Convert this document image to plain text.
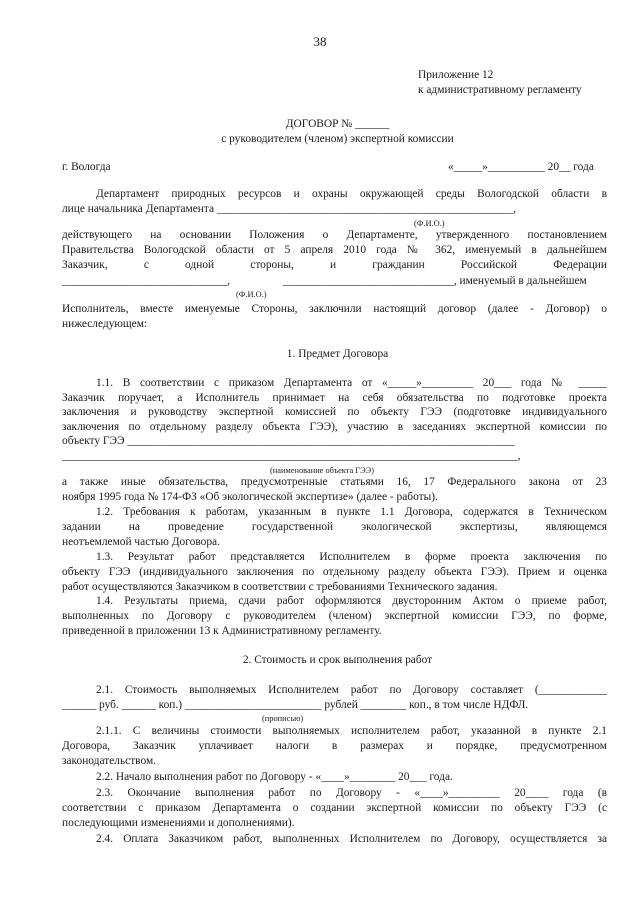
38
Приложение 12
к административному регламенту
ДОГОВОР № ______
с руководителем (членом) экспертной комиссии
г. Вологда	«_____»__________ 20__ года
Департамент природных ресурсов и охраны окружающей среды Вологодской области в
лице начальника Департамента ____________________________________________________,
(Ф.И.О.)
действующего на основании Положения о Департаменте, утвержденного постановлением
Правительства Вологодской области от 5 апреля 2010 года № 362, именуемый в дальнейшем
Заказчик, с одной стороны, и гражданин Российской Федерации
_____________________________,	______________________________, именуемый в дальнейшем
(Ф.И.О.)
Исполнитель, вместе именуемые Стороны, заключили настоящий договор (далее - Договор) о
нижеследующем:
1. Предмет Договора
1.1. В соответствии с приказом Департамента от «_____»_________ 20___ года № _____
Заказчик поручает, а Исполнитель принимает на себя обязательства по подготовке проекта
заключения и руководству экспертной комиссией по объекту ГЭЭ (подготовке индивидуального
заключения по отдельному разделу объекта ГЭЭ), участию в заседаниях экспертной комиссии по
объекту ГЭЭ ____________________________________________________________________
________________________________________________________________________________,
(наименование объекта ГЭЭ)
а также иные обязательства, предусмотренные статьями 16, 17 Федерального закона от 23
ноября 1995 года № 174-ФЗ «Об экологической экспертизе» (далее - работы).
1.2. Требования к работам, указанным в пункте 1.1 Договора, содержатся в Техническом
задании на проведение государственной экологической экспертизы, являющемся
неотъемлемой частью Договора.
1.3. Результат работ представляется Исполнителем в форме проекта заключения по
объекту ГЭЭ (индивидуального заключения по отдельному разделу объекта ГЭЭ). Прием и оценка
работ осуществляются Заказчиком в соответствии с требованиями Технического задания.
1.4. Результаты приема, сдачи работ оформляются двусторонним Актом о приеме работ,
выполненных по Договору с руководителем (членом) экспертной комиссии ГЭЭ, по форме,
приведенной в приложении 13 к Административному регламенту.
2. Стоимость и срок выполнения работ
2.1. Стоимость выполняемых Исполнителем работ по Договору составляет (____________
______ руб. ______ коп.) ________________________ рублей ________ коп., в том числе НДФЛ.
(прописью)
2.1.1. С величины стоимости выполняемых исполнителем работ, указанной в пункте 2.1
Договора, Заказчик уплачивает налоги в размерах и порядке, предусмотренном
законодательством.
2.2. Начало выполнения работ по Договору - «____»________ 20___ года.
2.3. Окончание выполнения работ по Договору - «____»_________ 20____ года (в
соответствии с приказом Департамента о создании экспертной комиссии по объекту ГЭЭ (с
последующими изменениями и дополнениями).
2.4. Оплата Заказчиком работ, выполненных Исполнителем по Договору, осуществляется за
